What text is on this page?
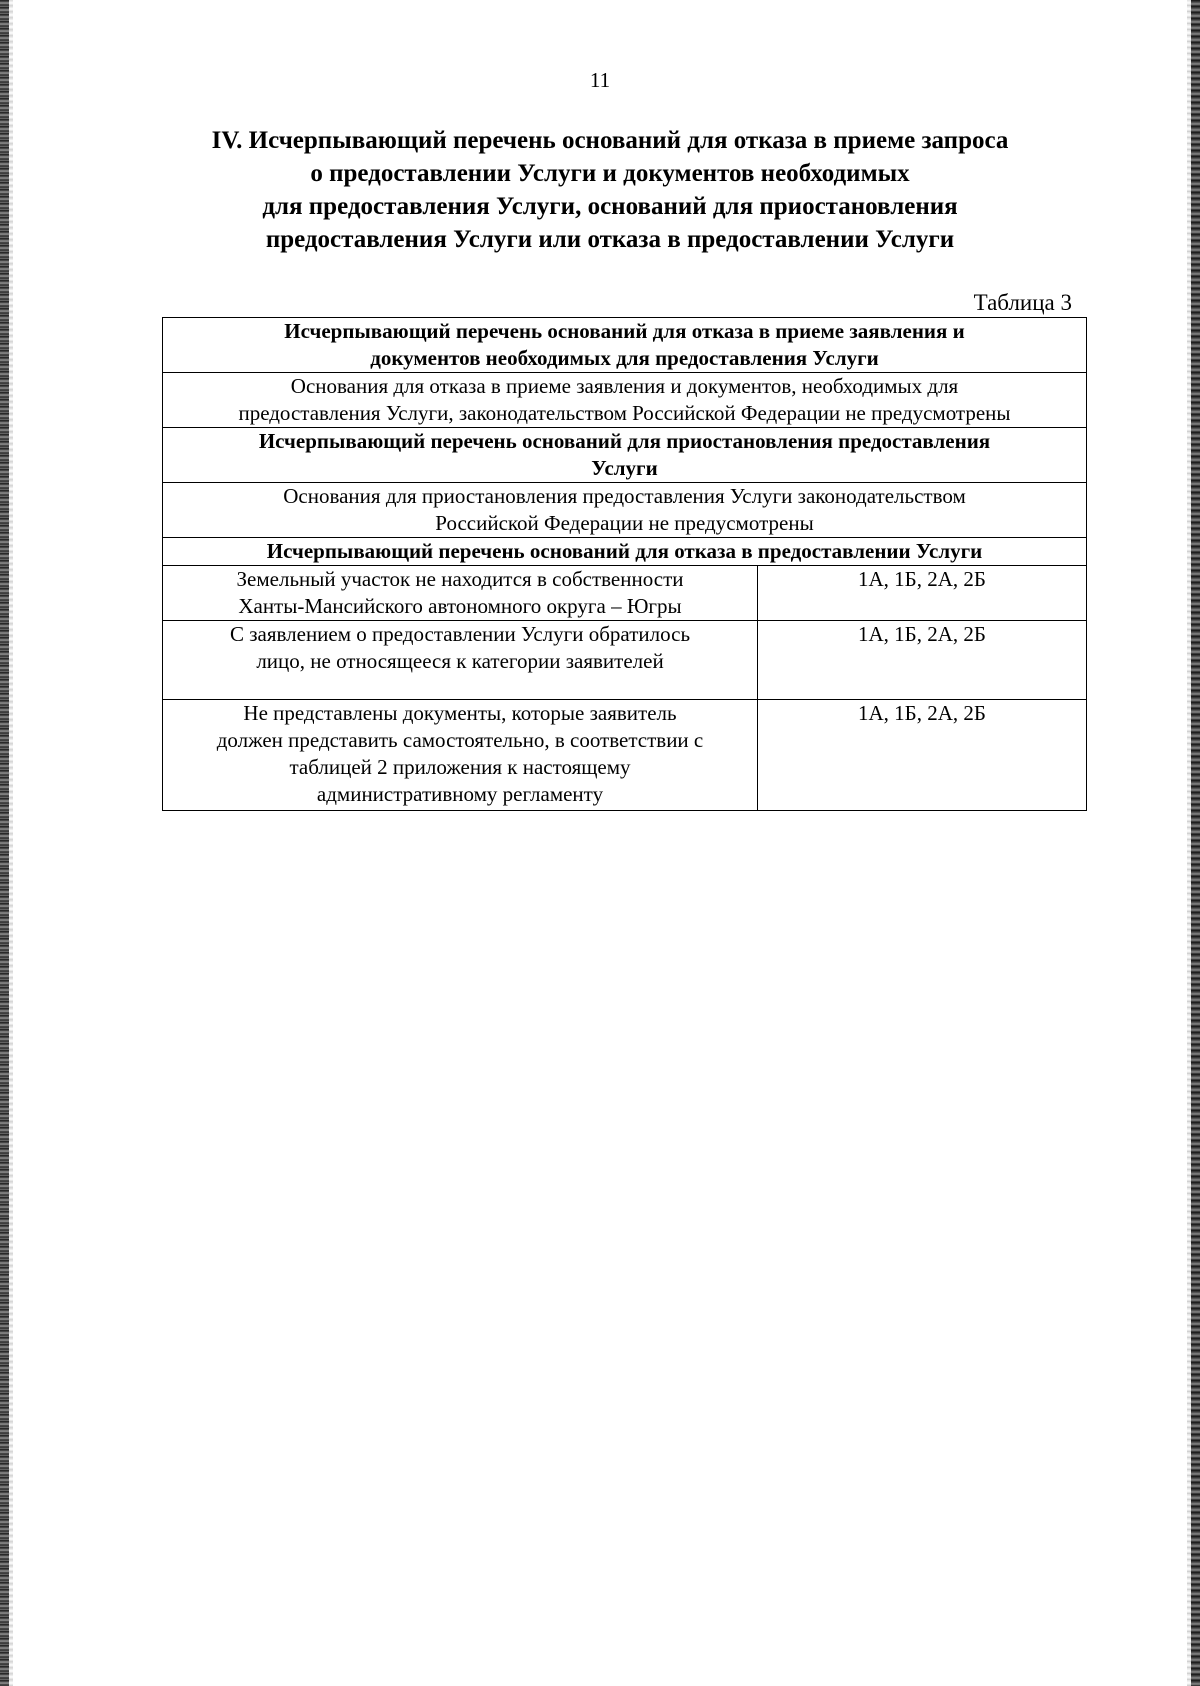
11
IV. Исчерпывающий перечень оснований для отказа в приеме запроса
о предоставлении Услуги и документов необходимых
для предоставления Услуги, оснований для приостановления
предоставления Услуги или отказа в предоставлении Услуги
Таблица 3
Исчерпывающий перечень оснований для отказа в приеме заявления и
документов необходимых для предоставления Услуги	

Основания для отказа в приеме заявления и документов, необходимых для
предоставления Услуги, законодательством Российской Федерации не предусмотрены	

Исчерпывающий перечень оснований для приостановления предоставления
Услуги	

Основания для приостановления предоставления Услуги законодательством
Российской Федерации не предусмотрены	

Исчерпывающий перечень оснований для отказа в предоставлении Услуги	

Земельный участок не находится в собственности
Ханты-Мансийского автономного округа – Югры	1А, 1Б, 2А, 2Б

С заявлением о предоставлении Услуги обратилось
лицо, не относящееся к категории заявителей	1А, 1Б, 2А, 2Б

Не представлены документы, которые заявитель
должен представить самостоятельно, в соответствии с
таблицей 2 приложения к настоящему
административному регламенту	1А, 1Б, 2А, 2Б
